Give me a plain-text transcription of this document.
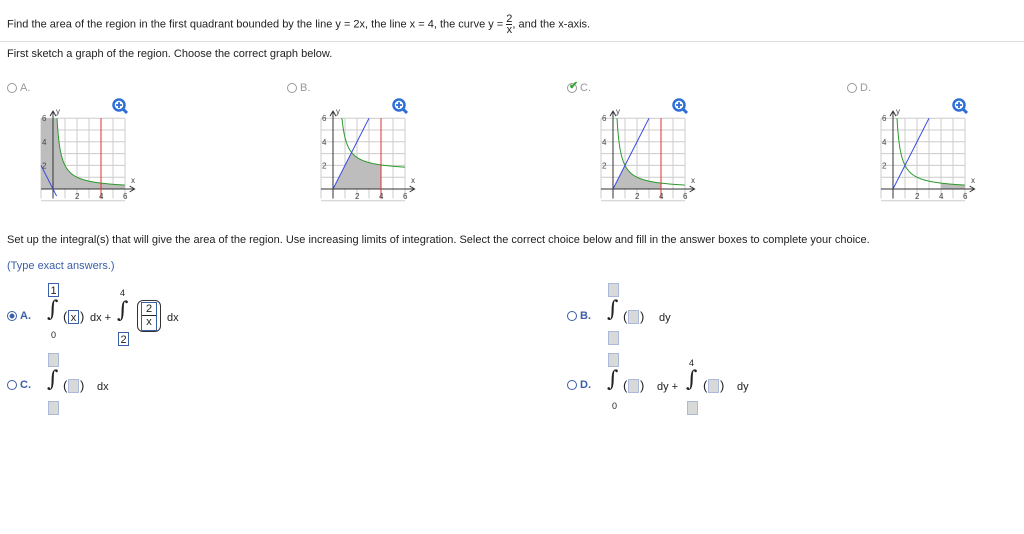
Find the area of the region in the first quadrant bounded by the line y = 2x, the line x = 4, the curve $y = \frac{2}{x}$ , and the x-axis.
First sketch a graph of the region. Choose the correct graph below.
A.
y
x
2 4 6
6
4
2
B.
y
x
2 4 6
6
4
2
✔ C.
y
x
2 4 6
6
4
2
D.
y
x
2 4 6
6
4
2
Set up the integral(s) that will give the area of the region. Use increasing limits of integration. Select the correct choice below and fill in the answer boxes to complete your choice.
(Type exact answers.)
A.
1
∫
0
( x ) dx +
4
∫
2
2
x	dx
C. ∫ ( ) dx
B. ∫ ( ) dy
D. ∫
0
( ) dy +
4
∫ ( ) dy
